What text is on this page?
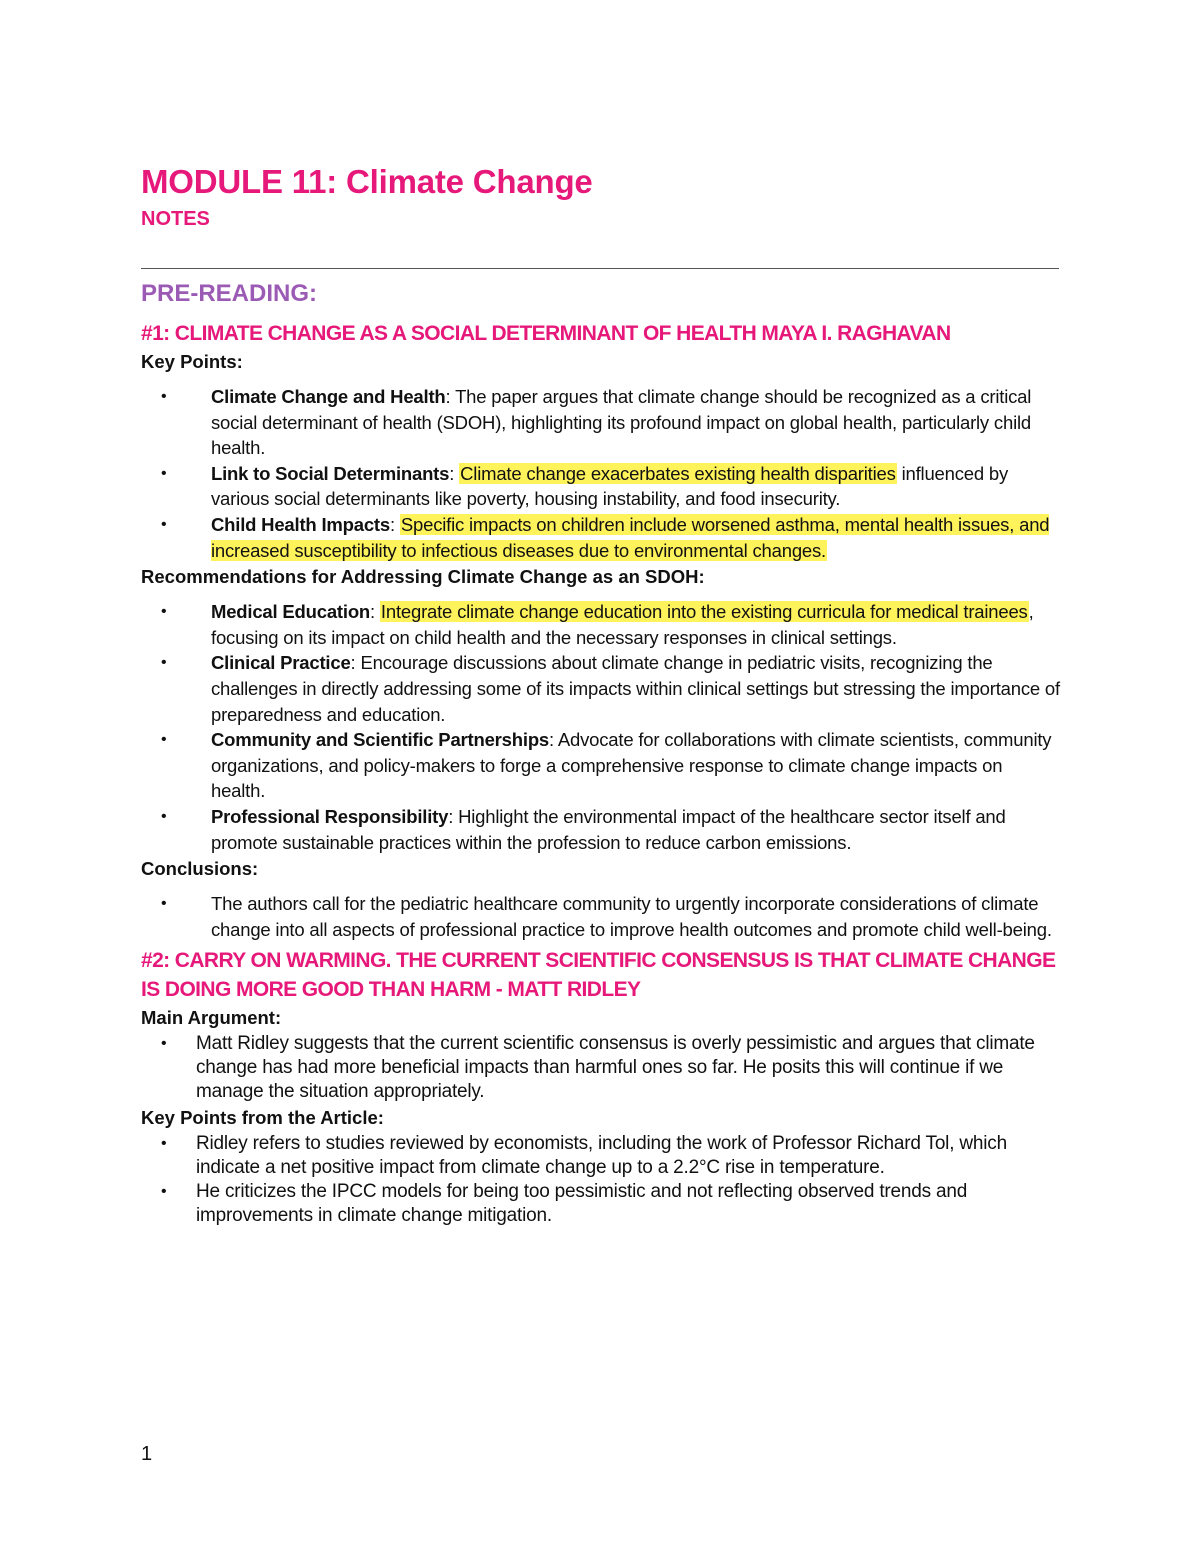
MODULE 11: Climate Change
NOTES
PRE-READING:
#1: CLIMATE CHANGE AS A SOCIAL DETERMINANT OF HEALTH MAYA I. RAGHAVAN
Key Points:
• Climate Change and Health: The paper argues that climate change should be recognized as a critical social determinant of health (SDOH), highlighting its profound impact on global health, particularly child health.
• Link to Social Determinants: Climate change exacerbates existing health disparities influenced by various social determinants like poverty, housing instability, and food insecurity.
• Child Health Impacts: Specific impacts on children include worsened asthma, mental health issues, and increased susceptibility to infectious diseases due to environmental changes.
Recommendations for Addressing Climate Change as an SDOH:
• Medical Education: Integrate climate change education into the existing curricula for medical trainees, focusing on its impact on child health and the necessary responses in clinical settings.
• Clinical Practice: Encourage discussions about climate change in pediatric visits, recognizing the challenges in directly addressing some of its impacts within clinical settings but stressing the importance of preparedness and education.
• Community and Scientific Partnerships: Advocate for collaborations with climate scientists, community organizations, and policy-makers to forge a comprehensive response to climate change impacts on health.
• Professional Responsibility: Highlight the environmental impact of the healthcare sector itself and promote sustainable practices within the profession to reduce carbon emissions.
Conclusions:
• The authors call for the pediatric healthcare community to urgently incorporate considerations of climate change into all aspects of professional practice to improve health outcomes and promote child well-being.
#2: CARRY ON WARMING. THE CURRENT SCIENTIFIC CONSENSUS IS THAT CLIMATE CHANGE IS DOING MORE GOOD THAN HARM - MATT RIDLEY
Main Argument:
• Matt Ridley suggests that the current scientific consensus is overly pessimistic and argues that climate change has had more beneficial impacts than harmful ones so far. He posits this will continue if we manage the situation appropriately.
Key Points from the Article:
• Ridley refers to studies reviewed by economists, including the work of Professor Richard Tol, which indicate a net positive impact from climate change up to a 2.2°C rise in temperature.
• He criticizes the IPCC models for being too pessimistic and not reflecting observed trends and improvements in climate change mitigation.
1
